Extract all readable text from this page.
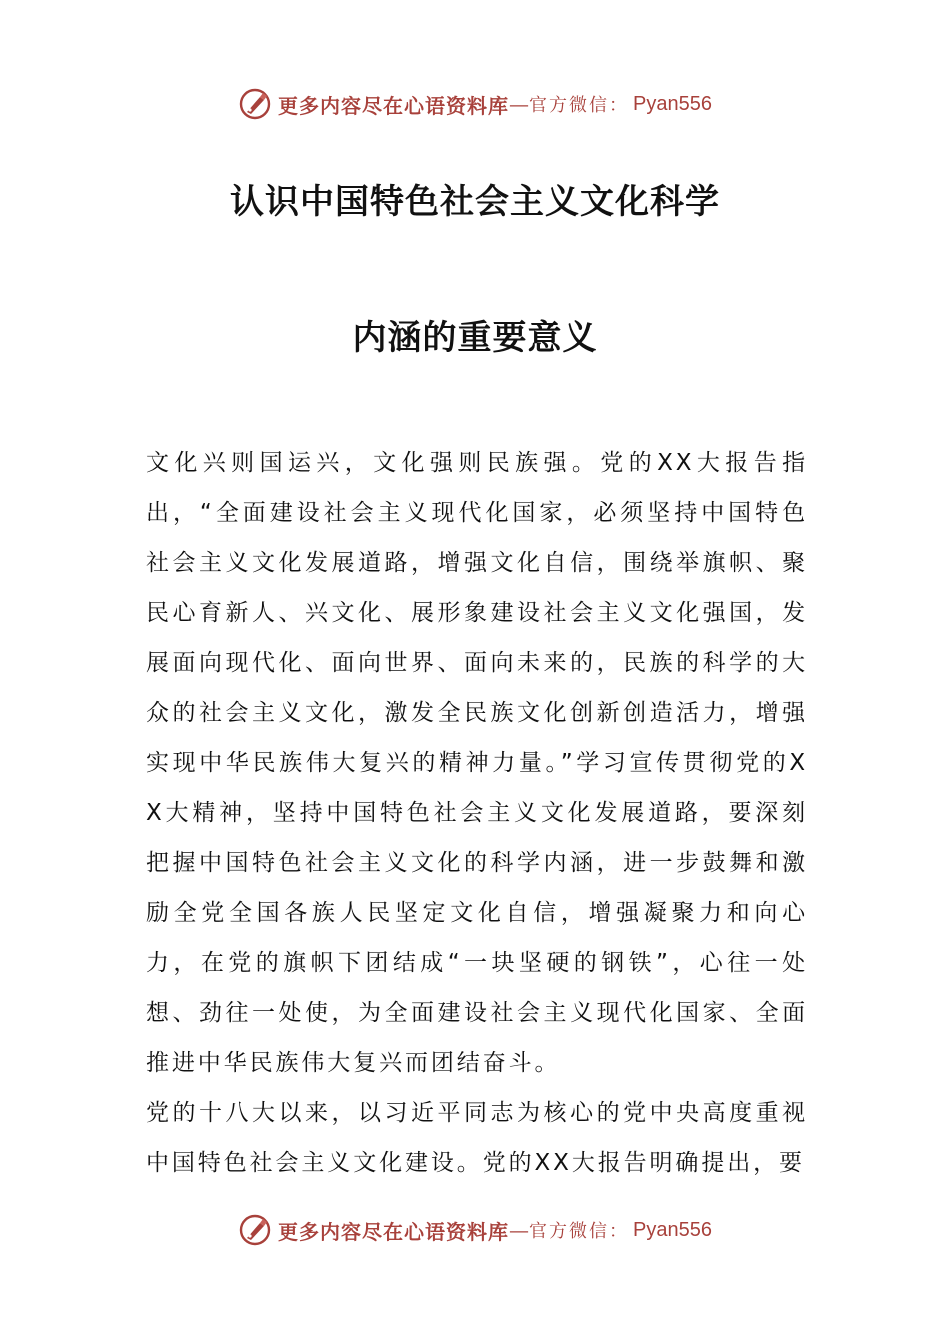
更多内容尽在心语资料库 — 官方微信： Pyan556
认识中国特色社会主义文化科学
内涵的重要意义

文化兴则国运兴，文化强则民族强。党的XX大报告指出，“全面建设社会主义现代化国家，必须坚持中国特色社会主义文化发展道路，增强文化自信，围绕举旗帜、聚民心育新人、兴文化、展形象建设社会主义文化强国，发展面向现代化、面向世界、面向未来的，民族的科学的大众的社会主义文化，激发全民族文化创新创造活力，增强实现中华民族伟大复兴的精神力量。”学习宣传贯彻党的XX大精神，坚持中国特色社会主义文化发展道路，要深刻把握中国特色社会主义文化的科学内涵，进一步鼓舞和激励全党全国各族人民坚定文化自信，增强凝聚力和向心力，在党的旗帜下团结成“一块坚硬的钢铁”，心往一处想、劲往一处使，为全面建设社会主义现代化国家、全面推进中华民族伟大复兴而团结奋斗。

党的十八大以来，以习近平同志为核心的党中央高度重视中国特色社会主义文化建设。党的XX大报告明确提出，要

更多内容尽在心语资料库 — 官方微信： Pyan556
